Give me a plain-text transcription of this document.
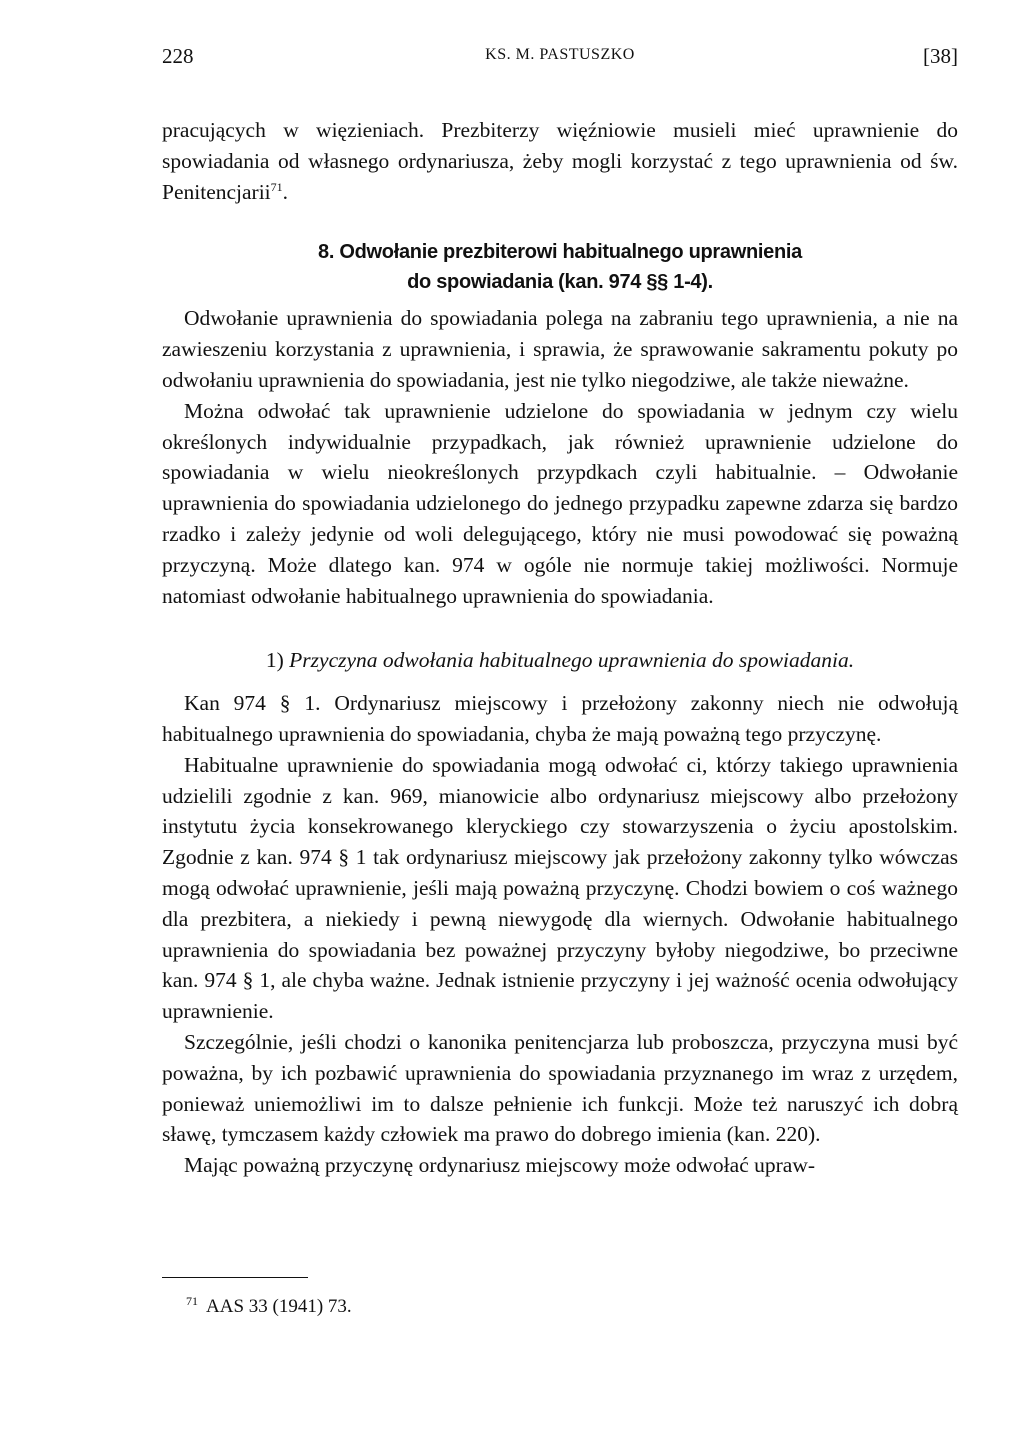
228	KS. M. PASTUSZKO	[38]

pracujących w więzieniach. Prezbiterzy więźniowie musieli mieć uprawnienie do spowiadania od własnego ordynariusza, żeby mogli korzystać z tego uprawnienia od św. Penitencjarii$^{71}$.

8. Odwołanie prezbiterowi habitualnego uprawnienia
do spowiadania (kan. 974 §§ 1-4).

Odwołanie uprawnienia do spowiadania polega na zabraniu tego uprawnienia, a nie na zawieszeniu korzystania z uprawnienia, i sprawia, że sprawowanie sakramentu pokuty po odwołaniu uprawnienia do spowiadania, jest nie tylko niegodziwe, ale także nieważne.

Można odwołać tak uprawnienie udzielone do spowiadania w jednym czy wielu określonych indywidualnie przypadkach, jak również uprawnienie udzielone do spowiadania w wielu nieokreślonych przypdkach czyli habitualnie. – Odwołanie uprawnienia do spowiadania udzielonego do jednego przypadku zapewne zdarza się bardzo rzadko i zależy jedynie od woli delegującego, który nie musi powodować się poważną przyczyną. Może dlatego kan. 974 w ogóle nie normuje takiej możliwości. Normuje natomiast odwołanie habitualnego uprawnienia do spowiadania.

1) Przyczyna odwołania habitualnego uprawnienia do spowiadania.

Kan 974 § 1. Ordynariusz miejscowy i przełożony zakonny niech nie odwołują habitualnego uprawnienia do spowiadania, chyba że mają poważną tego przyczynę.

Habitualne uprawnienie do spowiadania mogą odwołać ci, którzy takiego uprawnienia udzielili zgodnie z kan. 969, mianowicie albo ordynariusz miejscowy albo przełożony instytutu życia konsekrowanego kleryckiego czy stowarzyszenia o życiu apostolskim. Zgodnie z kan. 974 § 1 tak ordynariusz miejscowy jak przełożony zakonny tylko wówczas mogą odwołać uprawnienie, jeśli mają poważną przyczynę. Chodzi bowiem o coś ważnego dla prezbitera, a niekiedy i pewną niewygodę dla wiernych. Odwołanie habitualnego uprawnienia do spowiadania bez poważnej przyczyny byłoby niegodziwe, bo przeciwne kan. 974 § 1, ale chyba ważne. Jednak istnienie przyczyny i jej ważność ocenia odwołujący uprawnienie.

Szczególnie, jeśli chodzi o kanonika penitencjarza lub proboszcza, przyczyna musi być poważna, by ich pozbawić uprawnienia do spowiadania przyznanego im wraz z urzędem, ponieważ uniemożliwi im to dalsze pełnienie ich funkcji. Może też naruszyć ich dobrą sławę, tymczasem każdy człowiek ma prawo do dobrego imienia (kan. 220).

Mając poważną przyczynę ordynariusz miejscowy może odwołać upraw-

$^{71}$ AAS 33 (1941) 73.
